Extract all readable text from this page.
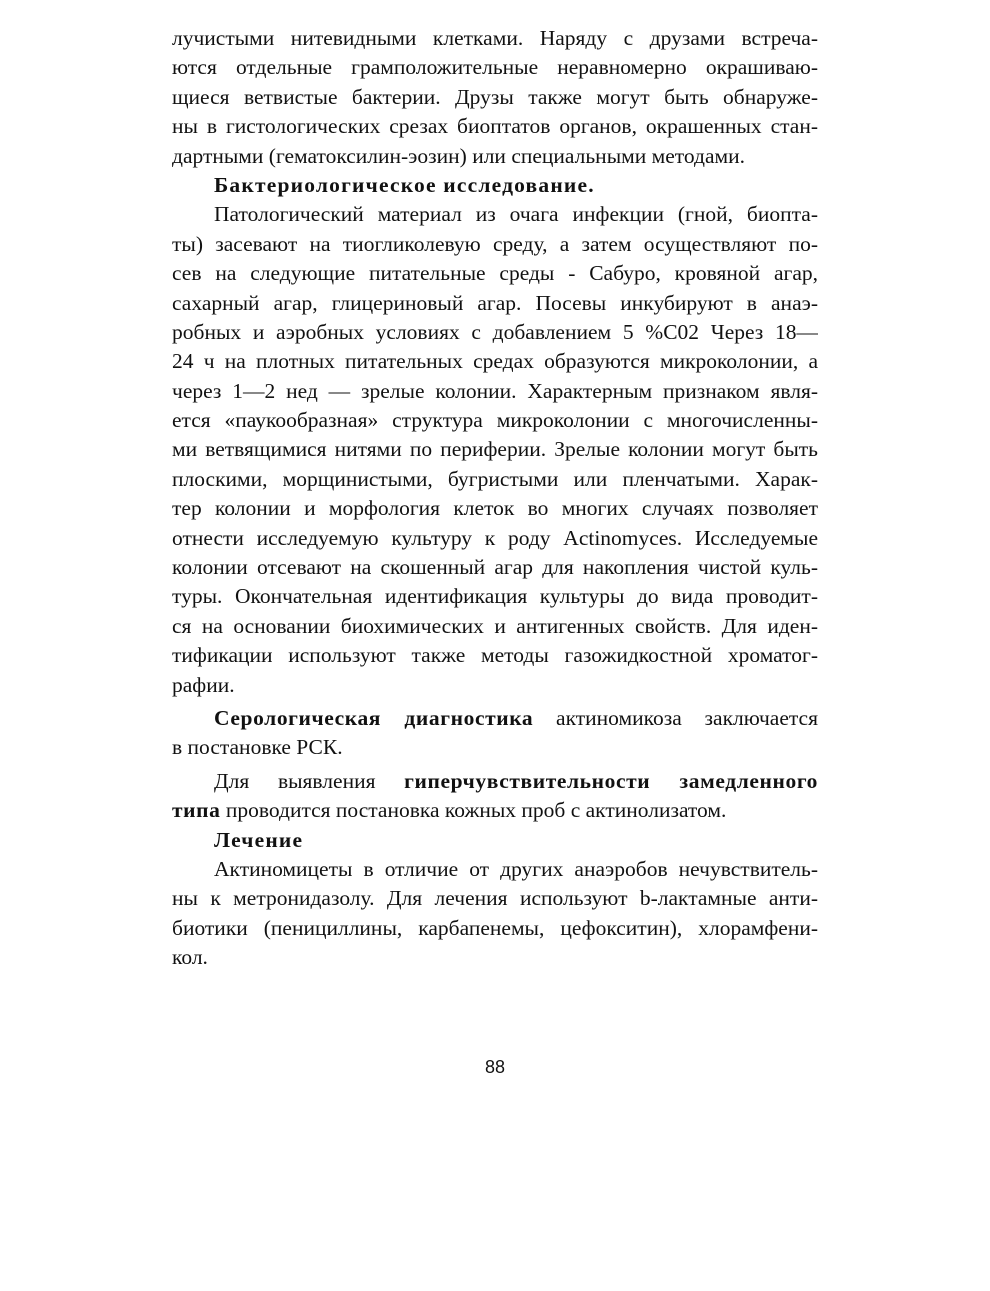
лучистыми нитевидными клетками. Наряду с друзами встреча-
ются отдельные грамположительные неравномерно окрашиваю-
щиеся ветвистые бактерии. Друзы также могут быть обнаруже-
ны в гистологических срезах биоптатов органов, окрашенных стан-
дартными (гематоксилин-эозин) или специальными методами.
Бактериологическое исследование.
Патологический материал из очага инфекции (гной, биопта-
ты) засевают на тиогликолевую среду, а затем осуществляют по-
сев на следующие питательные среды - Сабуро, кровяной агар,
сахарный агар, глицериновый агар. Посевы инкубируют в анаэ-
робных и аэробных условиях с добавлением 5 %С02 Через 18—
24 ч на плотных питательных средах образуются микроколонии, а
через 1—2 нед — зрелые колонии. Характерным признаком явля-
ется «паукообразная» структура микроколонии с многочисленны-
ми ветвящимися нитями по периферии. Зрелые колонии могут быть
плоскими, морщинистыми, бугристыми или пленчатыми. Харак-
тер колонии и морфология клеток во многих случаях позволяет
отнести исследуемую культуру к роду Actinomyces. Исследуемые
колонии отсевают на скошенный агар для накопления чистой куль-
туры. Окончательная идентификация культуры до вида проводит-
ся на основании биохимических и антигенных свойств. Для иден-
тификации используют также методы газожидкостной хроматог-
рафии.
Серологическая диагностика актиномикоза заключается
в постановке РСК.
Для выявления гиперчувствительности замедленного
типа проводится постановка кожных проб с актинолизатом.
Лечение
Актиномицеты в отличие от других анаэробов нечувствитель-
ны к метронидазолу. Для лечения используют b-лактамные анти-
биотики (пенициллины, карбапенемы, цефокситин), хлорамфени-
кол.
88
